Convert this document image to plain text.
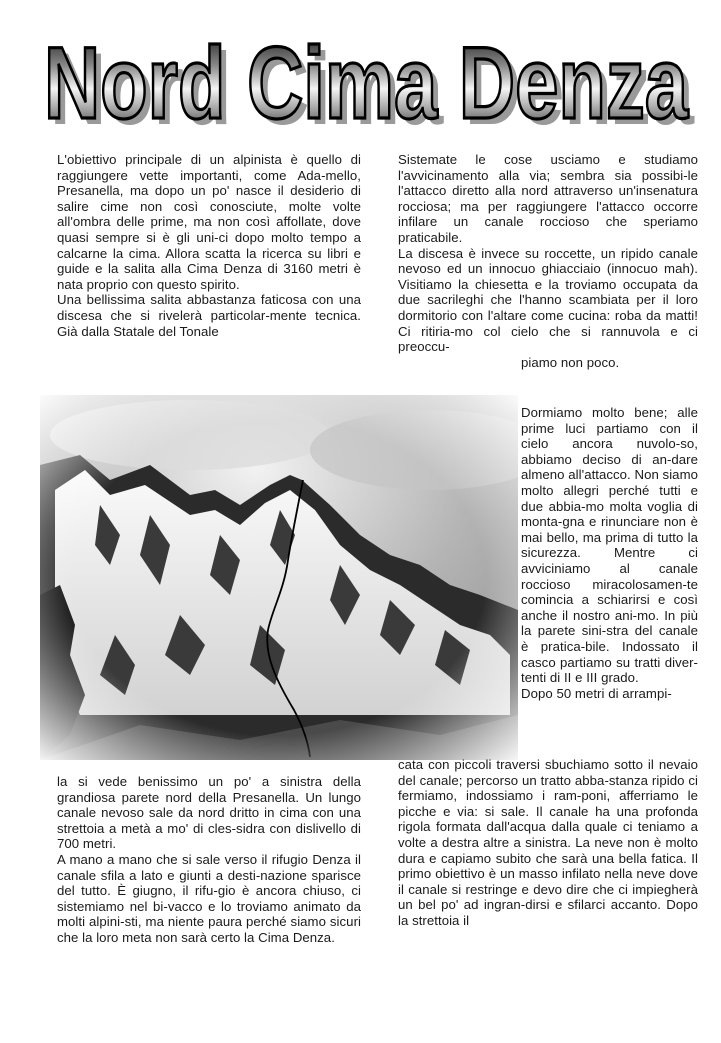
Nord Cima Denza
Nord Cima Denza

L'obiettivo principale di un alpinista è quello di raggiungere vette importanti, come Ada-mello, Presanella, ma dopo un po' nasce il desiderio di salire cime non così conosciute, molte volte all'ombra delle prime, ma non così affollate, dove quasi sempre si è gli uni-ci dopo molto tempo a calcarne la cima. Allora scatta la ricerca su libri e guide e la salita alla Cima Denza di 3160 metri è nata proprio con questo spirito.

Una bellissima salita abbastanza faticosa con una discesa che si rivelerà particolar-mente tecnica. Già dalla Statale del Tonale

Sistemate le cose usciamo e studiamo l'avvicinamento alla via; sembra sia possibi-le l'attacco diretto alla nord attraverso un'insenatura rocciosa; ma per raggiungere l'attacco occorre infilare un canale roccioso che speriamo praticabile.

La discesa è invece su roccette, un ripido canale nevoso ed un innocuo ghiacciaio (innocuo mah). Visitiamo la chiesetta e la troviamo occupata da due sacrileghi che l'hanno scambiata per il loro dormitorio con l'altare come cucina: roba da matti! Ci ritiria-mo col cielo che si rannuvola e ci preoccu-

piamo non poco.

Dormiamo molto bene; alle prime luci partiamo con il cielo ancora nuvolo-so, abbiamo deciso di an-dare almeno all'attacco. Non siamo molto allegri perché tutti e due abbia-mo molta voglia di monta-gna e rinunciare non è mai bello, ma prima di tutto la sicurezza. Mentre ci avviciniamo al canale roccioso miracolosamen-te comincia a schiarirsi e così anche il nostro ani-mo. In più la parete sini-stra del canale è pratica-bile. Indossato il casco partiamo su tratti diver-tenti di II e III grado.

Dopo 50 metri di arrampi-

la si vede benissimo un po' a sinistra della grandiosa parete nord della Presanella. Un lungo canale nevoso sale da nord dritto in cima con una strettoia a metà a mo' di cles-sidra con dislivello di 700 metri.

A mano a mano che si sale verso il rifugio Denza il canale sfila a lato e giunti a desti-nazione sparisce del tutto. È giugno, il rifu-gio è ancora chiuso, ci sistemiamo nel bi-vacco e lo troviamo animato da molti alpini-sti, ma niente paura perché siamo sicuri che la loro meta non sarà certo la Cima Denza.

cata con piccoli traversi sbuchiamo sotto il nevaio del canale; percorso un tratto abba-stanza ripido ci fermiamo, indossiamo i ram-poni, afferriamo le picche e via: si sale. Il canale ha una profonda rigola formata dall'acqua dalla quale ci teniamo a volte a destra altre a sinistra. La neve non è molto dura e capiamo subito che sarà una bella fatica. Il primo obiettivo è un masso infilato nella neve dove il canale si restringe e devo dire che ci impiegherà un bel po' ad ingran-dirsi e sfilarci accanto. Dopo la strettoia il
